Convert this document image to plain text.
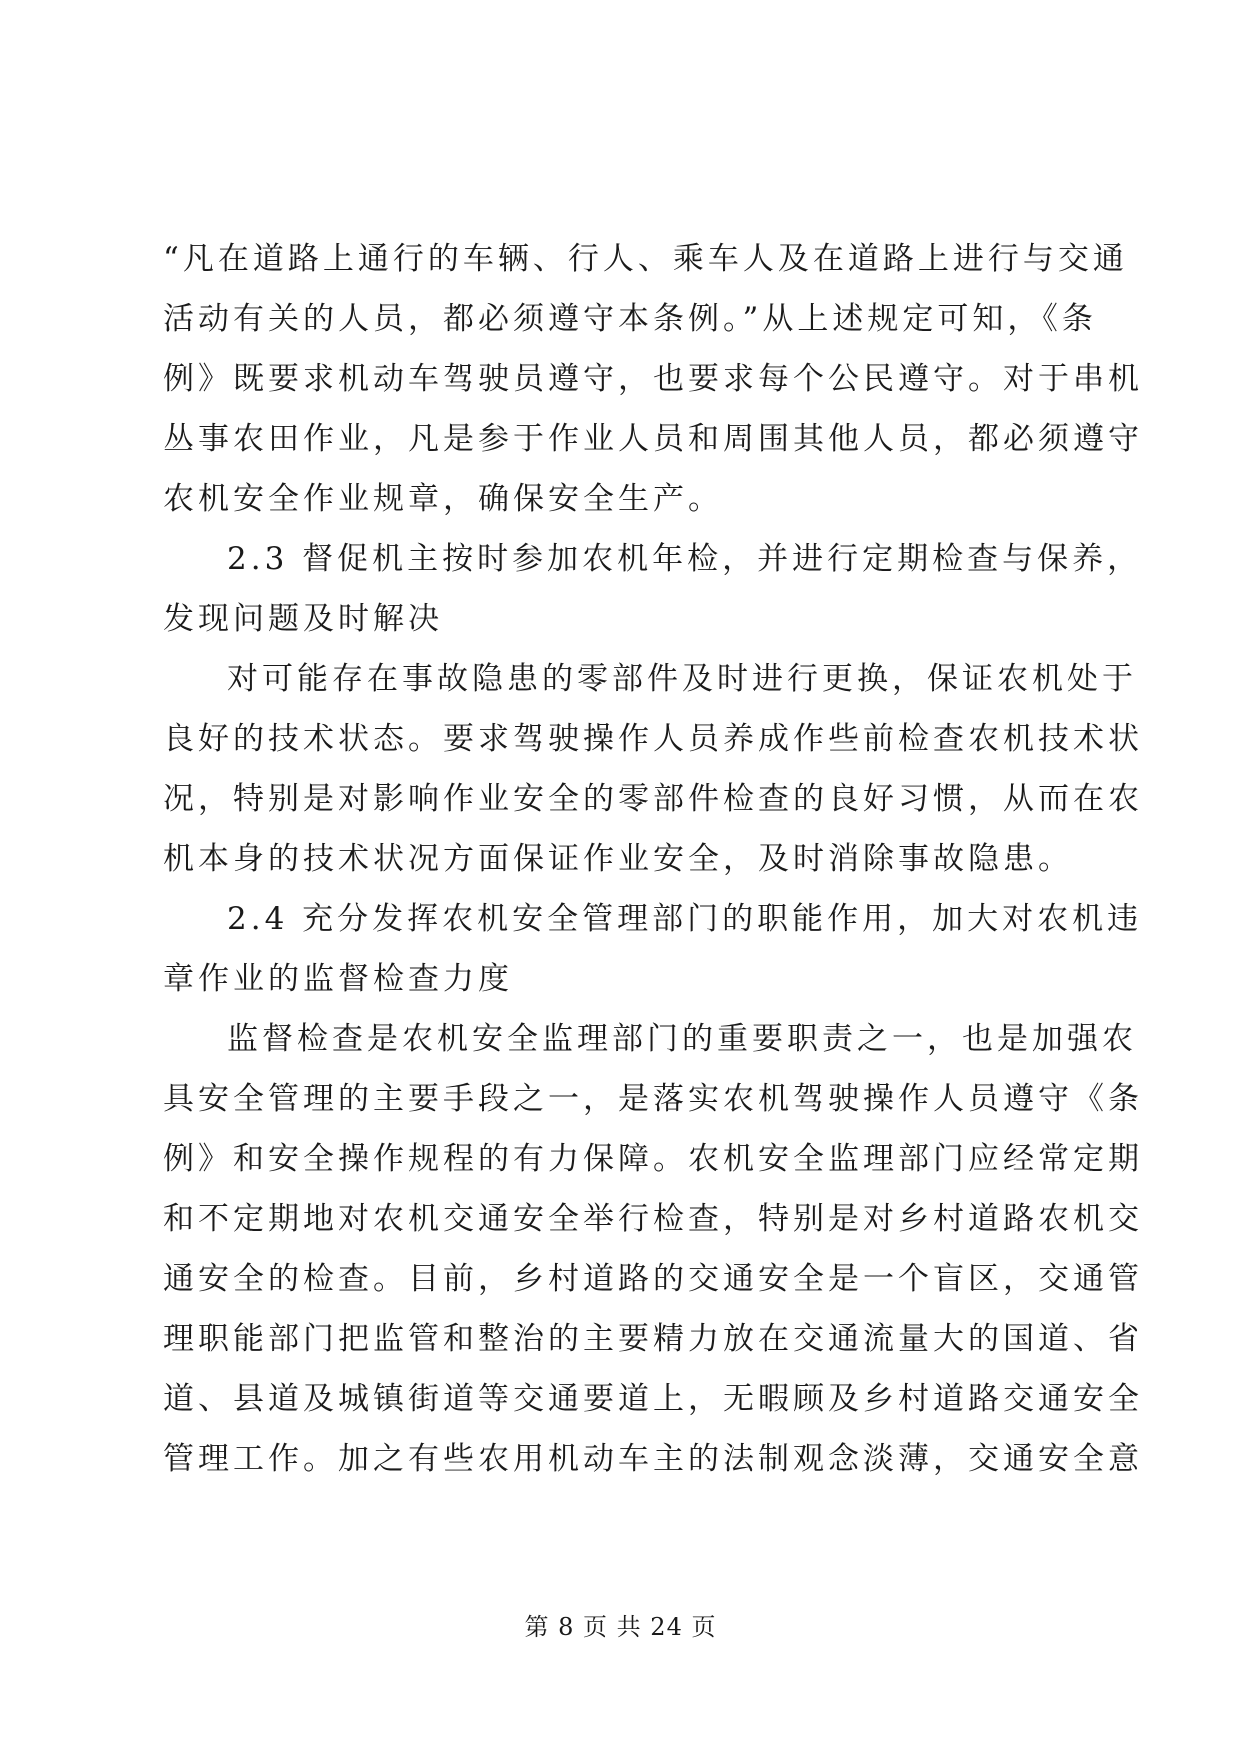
“凡在道路上通行的车辆、行人、乘车人及在道路上进行与交通
活动有关的人员，都必须遵守本条例。”从上述规定可知，《条
例》既要求机动车驾驶员遵守，也要求每个公民遵守。对于串机
丛事农田作业，凡是参于作业人员和周围其他人员，都必须遵守
农机安全作业规章，确保安全生产。
2.3 督促机主按时参加农机年检，并进行定期检查与保养，
发现问题及时解决
对可能存在事故隐患的零部件及时进行更换，保证农机处于
良好的技术状态。要求驾驶操作人员养成作些前检查农机技术状
况，特别是对影响作业安全的零部件检查的良好习惯，从而在农
机本身的技术状况方面保证作业安全，及时消除事故隐患。
2.4 充分发挥农机安全管理部门的职能作用，加大对农机违
章作业的监督检查力度
监督检查是农机安全监理部门的重要职责之一，也是加强农
具安全管理的主要手段之一，是落实农机驾驶操作人员遵守《条
例》和安全操作规程的有力保障。农机安全监理部门应经常定期
和不定期地对农机交通安全举行检查，特别是对乡村道路农机交
通安全的检查。目前，乡村道路的交通安全是一个盲区，交通管
理职能部门把监管和整治的主要精力放在交通流量大的国道、省
道、县道及城镇街道等交通要道上，无暇顾及乡村道路交通安全
管理工作。加之有些农用机动车主的法制观念淡薄，交通安全意
第 8 页 共 24 页
